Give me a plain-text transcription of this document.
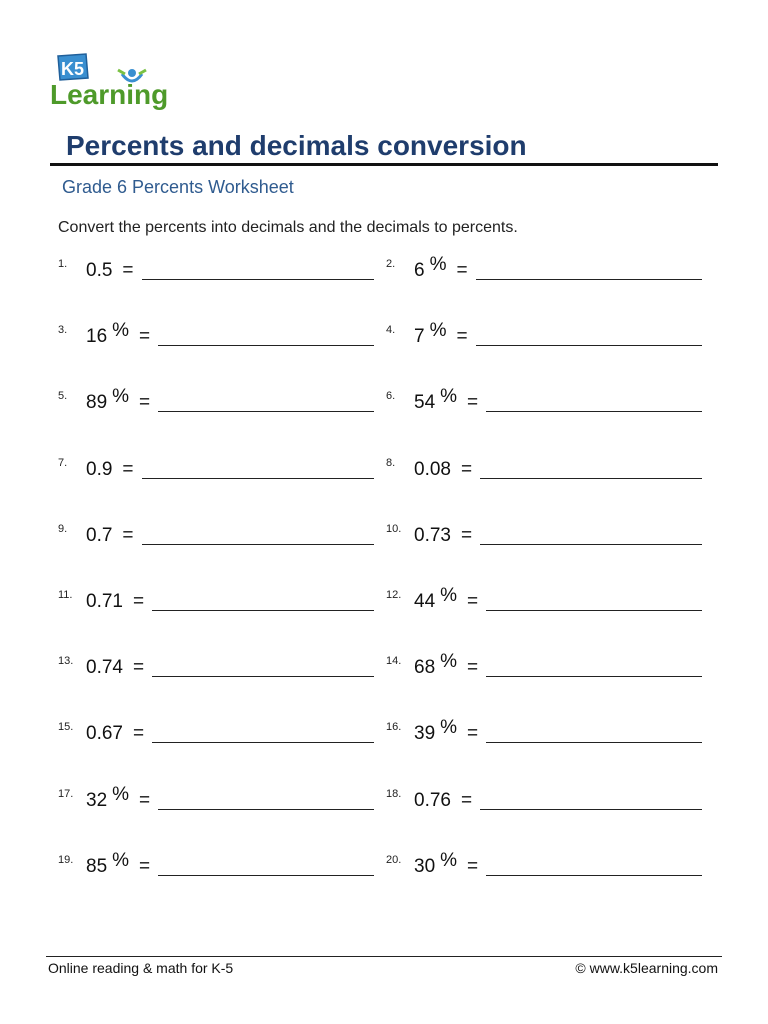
K5
Learning
Percents and decimals conversion
Grade 6 Percents Worksheet
Convert the percents into decimals and the decimals to percents.
1. 0.5 =	2. 6 % =
3. 16 % =	4. 7 % =
5. 89 % =	6. 54 % =
7. 0.9 =	8. 0.08 =
9. 0.7 =	10. 0.73 =
11. 0.71 =	12. 44 % =
13. 0.74 =	14. 68 % =
15. 0.67 =	16. 39 % =
17. 32 % =	18. 0.76 =
19. 85 % =	20. 30 % =
Online reading & math for K-5	© www.k5learning.com
